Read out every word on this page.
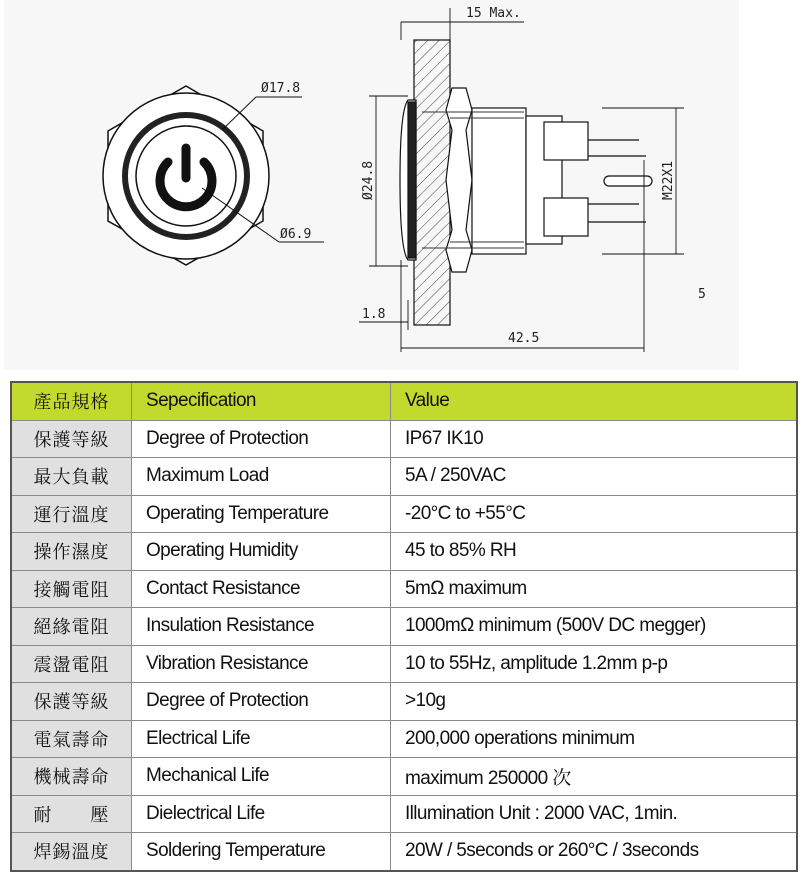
Ø17.8
Ø6.9
15 Max.
Ø24.8	M22X1
1.8
42.5
5
產品規格	Sepecification	Value
保護等級	Degree of Protection	IP67 IK10
最大負載	Maximum Load	5A / 250VAC
運行溫度	Operating Temperature	-20°C to +55°C
操作濕度	Operating Humidity	45 to 85% RH
接觸電阻	Contact Resistance	5mΩ maximum
絕緣電阻	Insulation Resistance	1000mΩ minimum (500V DC megger)
震盪電阻	Vibration Resistance	10 to 55Hz, amplitude 1.2mm p-p
保護等級	Degree of Protection	>10g
電氣壽命	Electrical Life	200,000 operations minimum
機械壽命	Mechanical Life	maximum 250000 次
耐　　壓	Dielectrical Life	Illumination Unit : 2000 VAC, 1min.
焊錫溫度	Soldering Temperature	20W / 5seconds or 260°C / 3seconds
